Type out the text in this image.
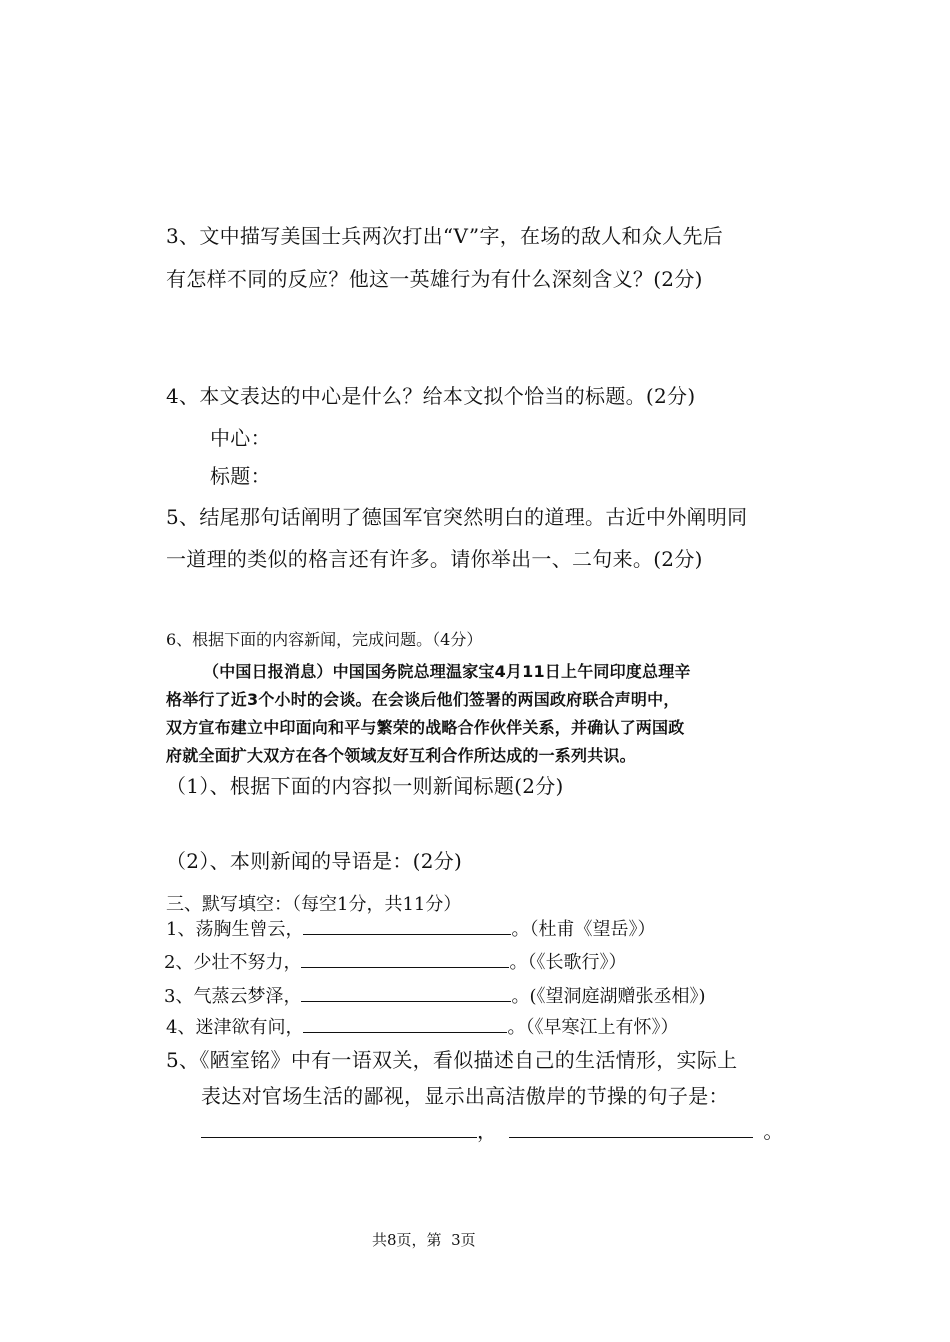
3、文中描写美国士兵两次打出“V”字，在场的敌人和众人先后
有怎样不同的反应？他这一英雄行为有什么深刻含义？(2分)
4、本文表达的中心是什么？给本文拟个恰当的标题。(2分)
中心：
标题：
5、结尾那句话阐明了德国军官突然明白的道理。古近中外阐明同
一道理的类似的格言还有许多。请你举出一、二句来。(2分)
6、根据下面的内容新闻，完成问题。（4分）
（中国日报消息）中国国务院总理温家宝4月11日上午同印度总理辛
格举行了近3个小时的会谈。在会谈后他们签署的两国政府联合声明中，
双方宣布建立中印面向和平与繁荣的战略合作伙伴关系，并确认了两国政
府就全面扩大双方在各个领域友好互利合作所达成的一系列共识。
（1）、根据下面的内容拟一则新闻标题(2分)
（2）、本则新闻的导语是：(2分)
三、默写填空：（每空1分，共11分）
1、荡胸生曾云，	。（杜甫《望岳》）
2、少壮不努力，	。（《长歌行》）
3、气蒸云梦泽，	。(《望洞庭湖赠张丞相》)
4、迷津欲有问，	。（《早寒江上有怀》）
5、《陋室铭》中有一语双关，看似描述自己的生活情形，实际上
表达对官场生活的鄙视，显示出高洁傲岸的节操的句子是：
，	。
共8页，第  3页
